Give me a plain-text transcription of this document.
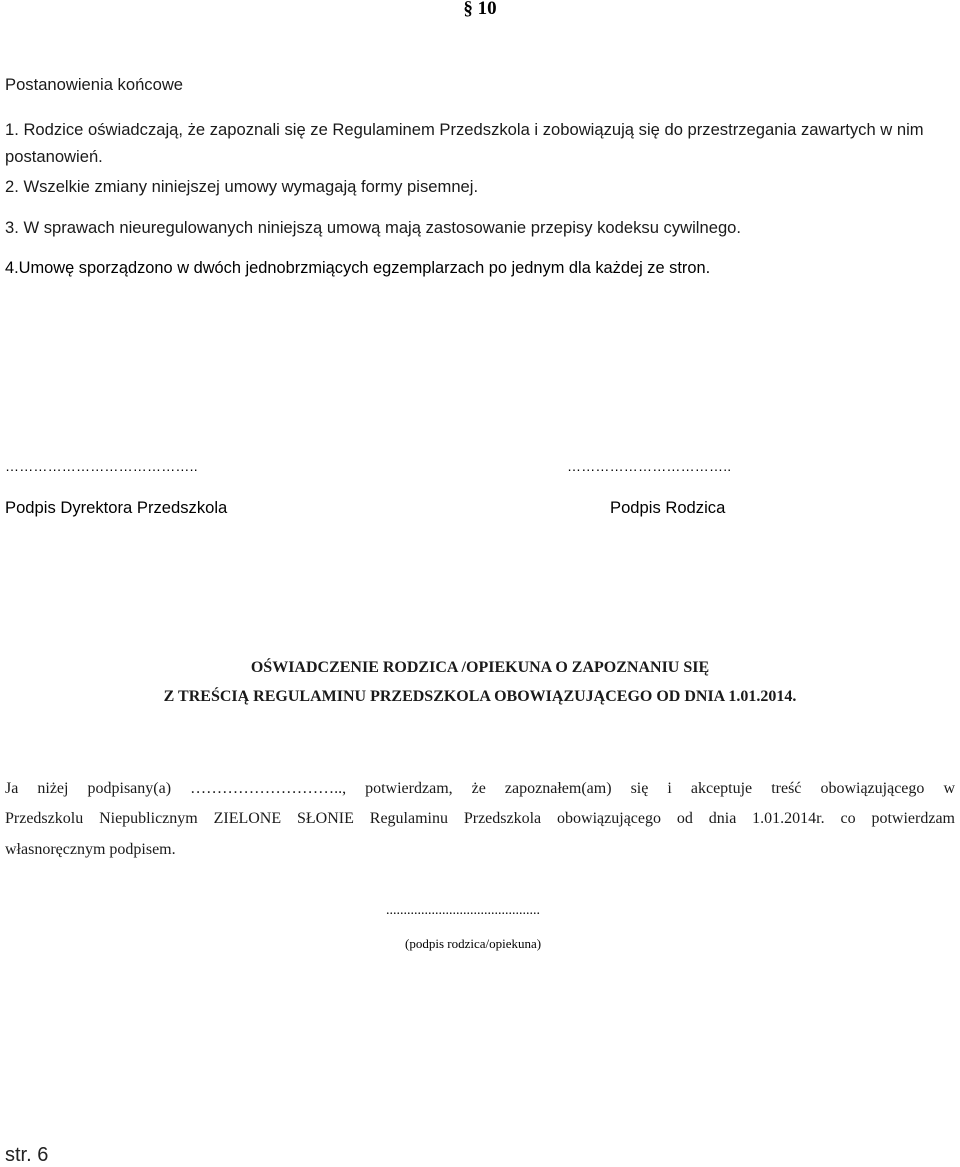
§ 10
Postanowienia końcowe
1. Rodzice oświadczają, że zapoznali się ze Regulaminem Przedszkola i zobowiązują się do przestrzegania zawartych w nim postanowień.
2. Wszelkie zmiany niniejszej umowy wymagają formy pisemnej.
3. W sprawach nieuregulowanych niniejszą umową mają zastosowanie przepisy kodeksu cywilnego.
4.Umowę sporządzono w dwóch jednobrzmiących egzemplarzach po jednym dla każdej ze stron.
…………………………………..
Podpis Dyrektora Przedszkola
……………………………..
Podpis Rodzica
OŚWIADCZENIE RODZICA /OPIEKUNA O ZAPOZNANIU SIĘ
Z TREŚCIĄ REGULAMINU PRZEDSZKOLA OBOWIĄZUJĄCEGO OD DNIA 1.01.2014.
Ja niżej podpisany(a) ……………………….., potwierdzam, że zapoznałem(am) się i akceptuje treść obowiązującego w
Przedszkolu Niepublicznym ZIELONE SŁONIE Regulaminu Przedszkola obowiązującego od dnia 1.01.2014r. co potwierdzam
własnoręcznym podpisem.
............................................
(podpis rodzica/opiekuna)
str. 6
